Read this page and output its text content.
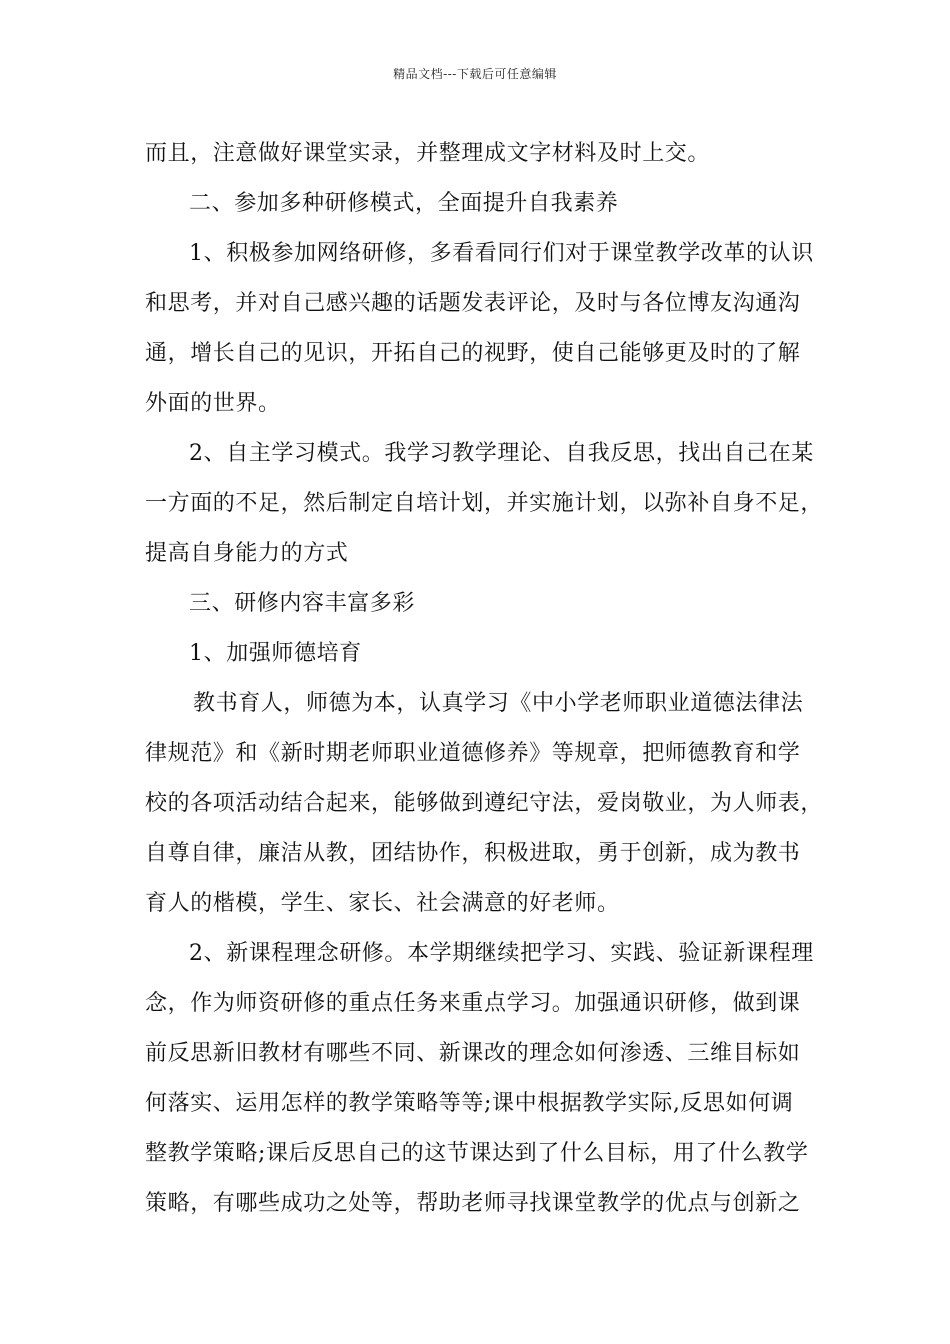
精品文档---下载后可任意编辑

而且，注意做好课堂实录，并整理成文字材料及时上交。

二、参加多种研修模式，全面提升自我素养

1、积极参加网络研修，多看看同行们对于课堂教学改革的认识

和思考，并对自己感兴趣的话题发表评论，及时与各位博友沟通沟

通，增长自己的见识，开拓自己的视野，使自己能够更及时的了解

外面的世界。

2、自主学习模式。我学习教学理论、自我反思，找出自己在某

一方面的不足，然后制定自培计划，并实施计划，以弥补自身不足，

提高自身能力的方式

三、研修内容丰富多彩

1、加强师德培育

教书育人，师德为本，认真学习《中小学老师职业道德法律法

律规范》和《新时期老师职业道德修养》等规章，把师德教育和学

校的各项活动结合起来，能够做到遵纪守法，爱岗敬业，为人师表，

自尊自律，廉洁从教，团结协作，积极进取，勇于创新，成为教书

育人的楷模，学生、家长、社会满意的好老师。

2、新课程理念研修。本学期继续把学习、实践、验证新课程理

念，作为师资研修的重点任务来重点学习。加强通识研修，做到课

前反思新旧教材有哪些不同、新课改的理念如何渗透、三维目标如

何落实、运用怎样的教学策略等等;课中根据教学实际,反思如何调

整教学策略;课后反思自己的这节课达到了什么目标，用了什么教学

策略，有哪些成功之处等，帮助老师寻找课堂教学的优点与创新之
